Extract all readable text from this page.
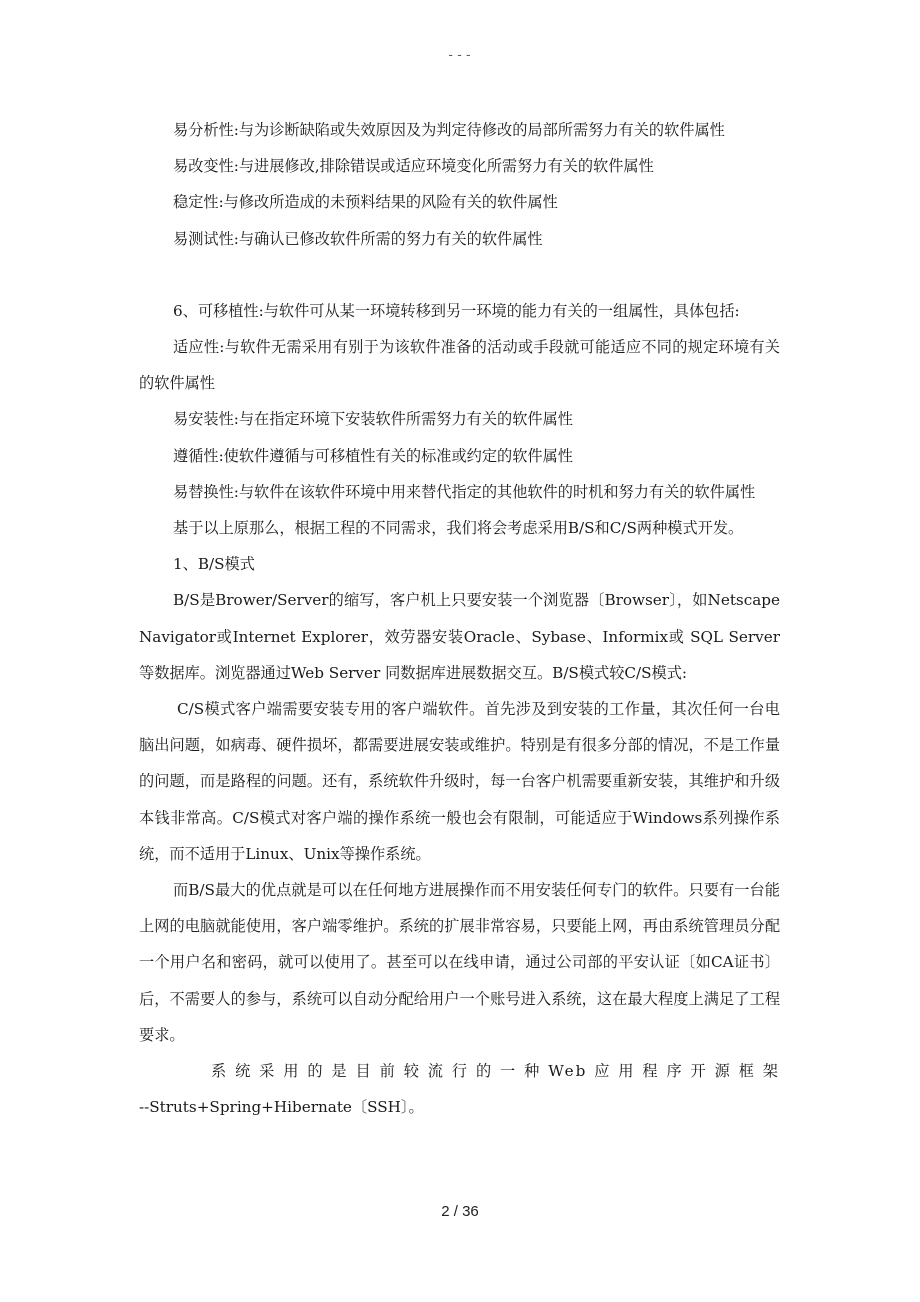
---

易分析性:与为诊断缺陷或失效原因及为判定待修改的局部所需努力有关的软件属性

易改变性:与进展修改,排除错误或适应环境变化所需努力有关的软件属性

稳定性:与修改所造成的未预料结果的风险有关的软件属性

易测试性:与确认已修改软件所需的努力有关的软件属性

6、可移植性:与软件可从某一环境转移到另一环境的能力有关的一组属性，具体包括:

适应性:与软件无需采用有别于为该软件准备的活动或手段就可能适应不同的规定环境有关的软件属性

易安装性:与在指定环境下安装软件所需努力有关的软件属性

遵循性:使软件遵循与可移植性有关的标准或约定的软件属性

易替换性:与软件在该软件环境中用来替代指定的其他软件的时机和努力有关的软件属性

基于以上原那么，根据工程的不同需求，我们将会考虑采用B/S和C/S两种模式开发。

1、B/S模式

B/S是Brower/Server的缩写，客户机上只要安装一个浏览器〔Browser〕，如Netscape Navigator或Internet Explorer，效劳器安装Oracle、Sybase、Informix或 SQL Server等数据库。浏览器通过Web Server 同数据库进展数据交互。B/S模式较C/S模式:

C/S模式客户端需要安装专用的客户端软件。首先涉及到安装的工作量，其次任何一台电脑出问题，如病毒、硬件损坏，都需要进展安装或维护。特别是有很多分部的情况，不是工作量的问题，而是路程的问题。还有，系统软件升级时，每一台客户机需要重新安装，其维护和升级本钱非常高。C/S模式对客户端的操作系统一般也会有限制，可能适应于Windows系列操作系统，而不适用于Linux、Unix等操作系统。

而B/S最大的优点就是可以在任何地方进展操作而不用安装任何专门的软件。只要有一台能上网的电脑就能使用，客户端零维护。系统的扩展非常容易，只要能上网，再由系统管理员分配一个用户名和密码，就可以使用了。甚至可以在线申请，通过公司部的平安认证〔如CA证书〕后，不需要人的参与，系统可以自动分配给用户一个账号进入系统，这在最大程度上满足了工程要求。

系统采用的是目前较流行的一种Web应用程序开源框架

--Struts+Spring+Hibernate〔SSH〕。

2 / 36
